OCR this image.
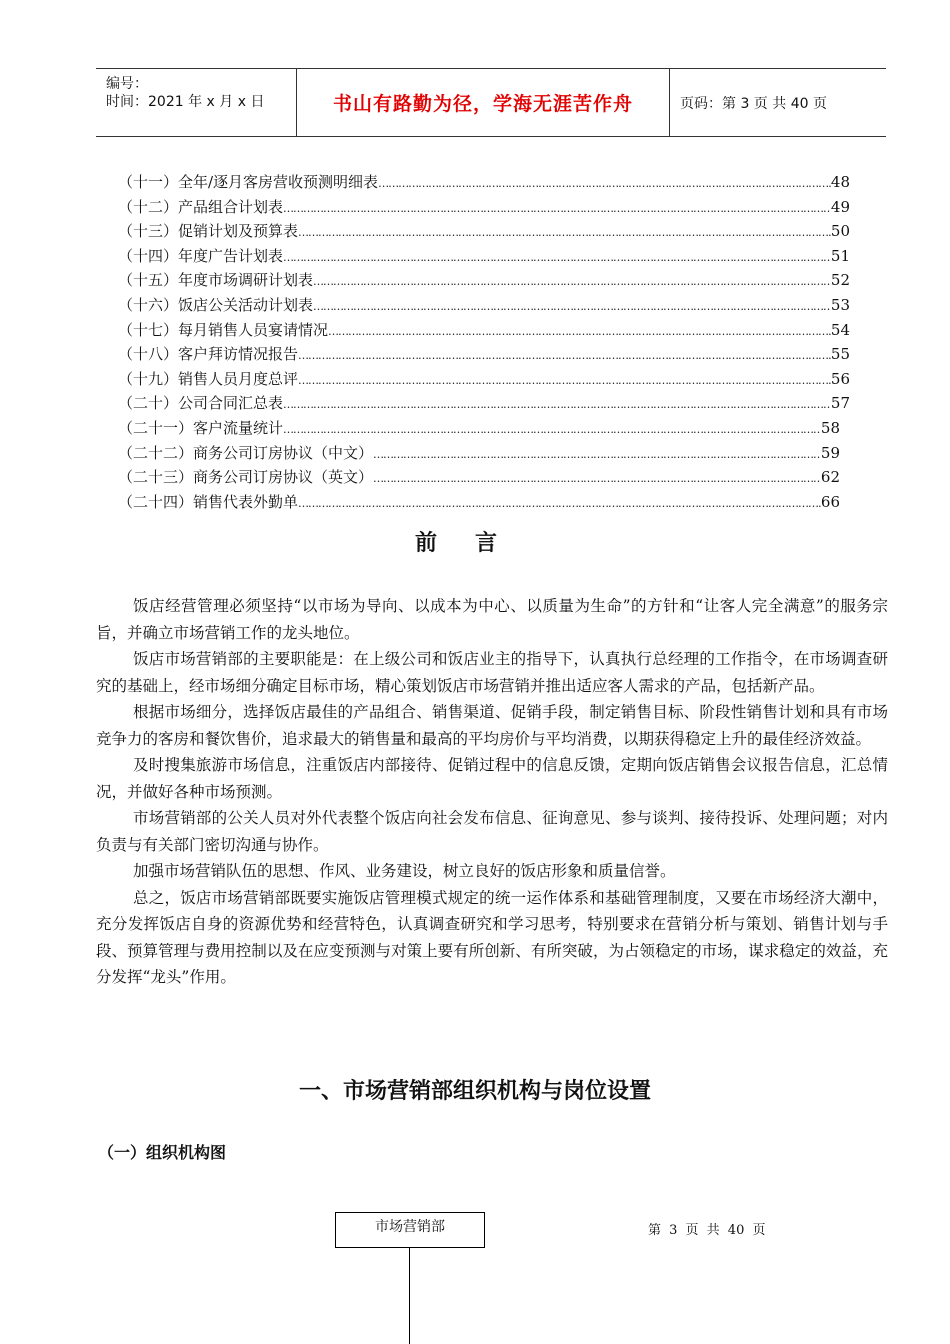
编号：
时间：2021 年 x 月 x 日	书山有路勤为径，学海无涯苦作舟	页码：第 3 页 共 40 页
（十一）全年/逐月客房营收预测明细表 …………………………………………………………………………………………………………………………………………………………	48
（十二）产品组合计划表 …………………………………………………………………………………………………………………………………………………………	49
（十三）促销计划及预算表 …………………………………………………………………………………………………………………………………………………………	50
（十四）年度广告计划表 …………………………………………………………………………………………………………………………………………………………	51
（十五）年度市场调研计划表 …………………………………………………………………………………………………………………………………………………………	52
（十六）饭店公关活动计划表 …………………………………………………………………………………………………………………………………………………………	53
（十七）每月销售人员宴请情况 …………………………………………………………………………………………………………………………………………………………	54
（十八）客户拜访情况报告 …………………………………………………………………………………………………………………………………………………………	55
（十九）销售人员月度总评 …………………………………………………………………………………………………………………………………………………………	56
（二十）公司合同汇总表 …………………………………………………………………………………………………………………………………………………………	57
（二十一）客户流量统计 …………………………………………………………………………………………………………………………………………………………	58
（二十二）商务公司订房协议（中文） …………………………………………………………………………………………………………………………………………………………	59
（二十三）商务公司订房协议（英文） …………………………………………………………………………………………………………………………………………………………	62
（二十四）销售代表外勤单 …………………………………………………………………………………………………………………………………………………………	66
前言

饭店经营管理必须坚持“以市场为导向、以成本为中心、以质量为生命”的方针和“让客人完全满意”的服务宗旨，并确立市场营销工作的龙头地位。

饭店市场营销部的主要职能是：在上级公司和饭店业主的指导下，认真执行总经理的工作指令，在市场调查研究的基础上，经市场细分确定目标市场，精心策划饭店市场营销并推出适应客人需求的产品，包括新产品。

根据市场细分，选择饭店最佳的产品组合、销售渠道、促销手段，制定销售目标、阶段性销售计划和具有市场竞争力的客房和餐饮售价，追求最大的销售量和最高的平均房价与平均消费，以期获得稳定上升的最佳经济效益。

及时搜集旅游市场信息，注重饭店内部接待、促销过程中的信息反馈，定期向饭店销售会议报告信息，汇总情况，并做好各种市场预测。

市场营销部的公关人员对外代表整个饭店向社会发布信息、征询意见、参与谈判、接待投诉、处理问题；对内负责与有关部门密切沟通与协作。

加强市场营销队伍的思想、作风、业务建设，树立良好的饭店形象和质量信誉。

总之，饭店市场营销部既要实施饭店管理模式规定的统一运作体系和基础管理制度，又要在市场经济大潮中，充分发挥饭店自身的资源优势和经营特色，认真调查研究和学习思考，特别要求在营销分析与策划、销售计划与手段、预算管理与费用控制以及在应变预测与对策上要有所创新、有所突破，为占领稳定的市场，谋求稳定的效益，充分发挥“龙头”作用。

一、市场营销部组织机构与岗位设置
（一）组织机构图
市场营销部	第 3 页 共 40 页
